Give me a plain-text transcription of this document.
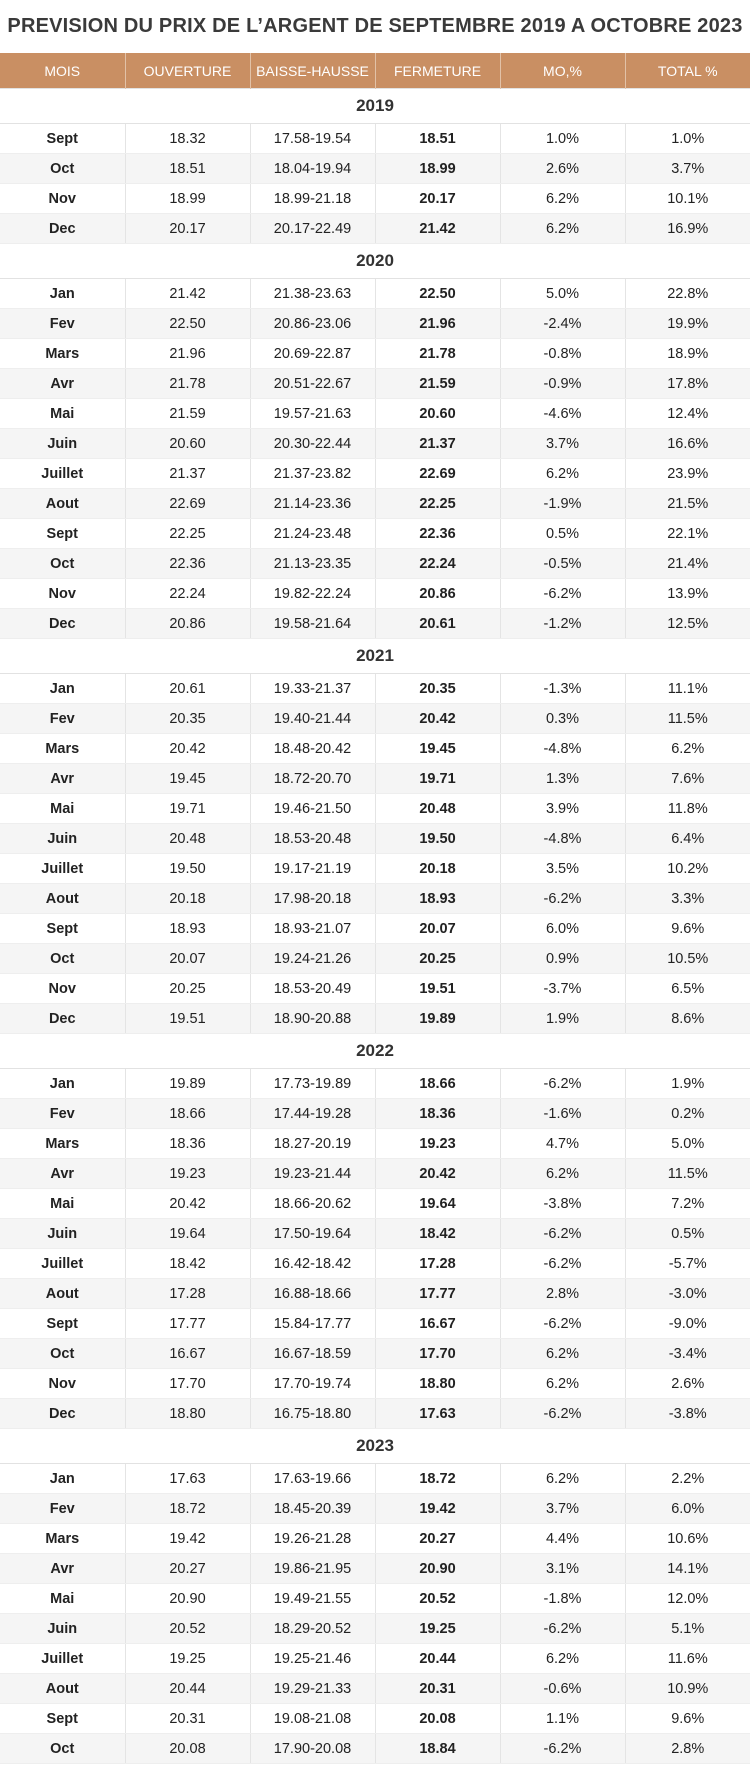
PREVISION DU PRIX DE L’ARGENT DE SEPTEMBRE 2019 A OCTOBRE 2023
MOIS	OUVERTURE	BAISSE-HAUSSE	FERMETURE	MO,%	TOTAL %
2019					
Sept	18.32	17.58-19.54	18.51	1.0%	1.0%
Oct	18.51	18.04-19.94	18.99	2.6%	3.7%
Nov	18.99	18.99-21.18	20.17	6.2%	10.1%
Dec	20.17	20.17-22.49	21.42	6.2%	16.9%
2020					
Jan	21.42	21.38-23.63	22.50	5.0%	22.8%
Fev	22.50	20.86-23.06	21.96	-2.4%	19.9%
Mars	21.96	20.69-22.87	21.78	-0.8%	18.9%
Avr	21.78	20.51-22.67	21.59	-0.9%	17.8%
Mai	21.59	19.57-21.63	20.60	-4.6%	12.4%
Juin	20.60	20.30-22.44	21.37	3.7%	16.6%
Juillet	21.37	21.37-23.82	22.69	6.2%	23.9%
Aout	22.69	21.14-23.36	22.25	-1.9%	21.5%
Sept	22.25	21.24-23.48	22.36	0.5%	22.1%
Oct	22.36	21.13-23.35	22.24	-0.5%	21.4%
Nov	22.24	19.82-22.24	20.86	-6.2%	13.9%
Dec	20.86	19.58-21.64	20.61	-1.2%	12.5%
2021					
Jan	20.61	19.33-21.37	20.35	-1.3%	11.1%
Fev	20.35	19.40-21.44	20.42	0.3%	11.5%
Mars	20.42	18.48-20.42	19.45	-4.8%	6.2%
Avr	19.45	18.72-20.70	19.71	1.3%	7.6%
Mai	19.71	19.46-21.50	20.48	3.9%	11.8%
Juin	20.48	18.53-20.48	19.50	-4.8%	6.4%
Juillet	19.50	19.17-21.19	20.18	3.5%	10.2%
Aout	20.18	17.98-20.18	18.93	-6.2%	3.3%
Sept	18.93	18.93-21.07	20.07	6.0%	9.6%
Oct	20.07	19.24-21.26	20.25	0.9%	10.5%
Nov	20.25	18.53-20.49	19.51	-3.7%	6.5%
Dec	19.51	18.90-20.88	19.89	1.9%	8.6%
2022					
Jan	19.89	17.73-19.89	18.66	-6.2%	1.9%
Fev	18.66	17.44-19.28	18.36	-1.6%	0.2%
Mars	18.36	18.27-20.19	19.23	4.7%	5.0%
Avr	19.23	19.23-21.44	20.42	6.2%	11.5%
Mai	20.42	18.66-20.62	19.64	-3.8%	7.2%
Juin	19.64	17.50-19.64	18.42	-6.2%	0.5%
Juillet	18.42	16.42-18.42	17.28	-6.2%	-5.7%
Aout	17.28	16.88-18.66	17.77	2.8%	-3.0%
Sept	17.77	15.84-17.77	16.67	-6.2%	-9.0%
Oct	16.67	16.67-18.59	17.70	6.2%	-3.4%
Nov	17.70	17.70-19.74	18.80	6.2%	2.6%
Dec	18.80	16.75-18.80	17.63	-6.2%	-3.8%
2023					
Jan	17.63	17.63-19.66	18.72	6.2%	2.2%
Fev	18.72	18.45-20.39	19.42	3.7%	6.0%
Mars	19.42	19.26-21.28	20.27	4.4%	10.6%
Avr	20.27	19.86-21.95	20.90	3.1%	14.1%
Mai	20.90	19.49-21.55	20.52	-1.8%	12.0%
Juin	20.52	18.29-20.52	19.25	-6.2%	5.1%
Juillet	19.25	19.25-21.46	20.44	6.2%	11.6%
Aout	20.44	19.29-21.33	20.31	-0.6%	10.9%
Sept	20.31	19.08-21.08	20.08	1.1%	9.6%
Oct	20.08	17.90-20.08	18.84	-6.2%	2.8%
